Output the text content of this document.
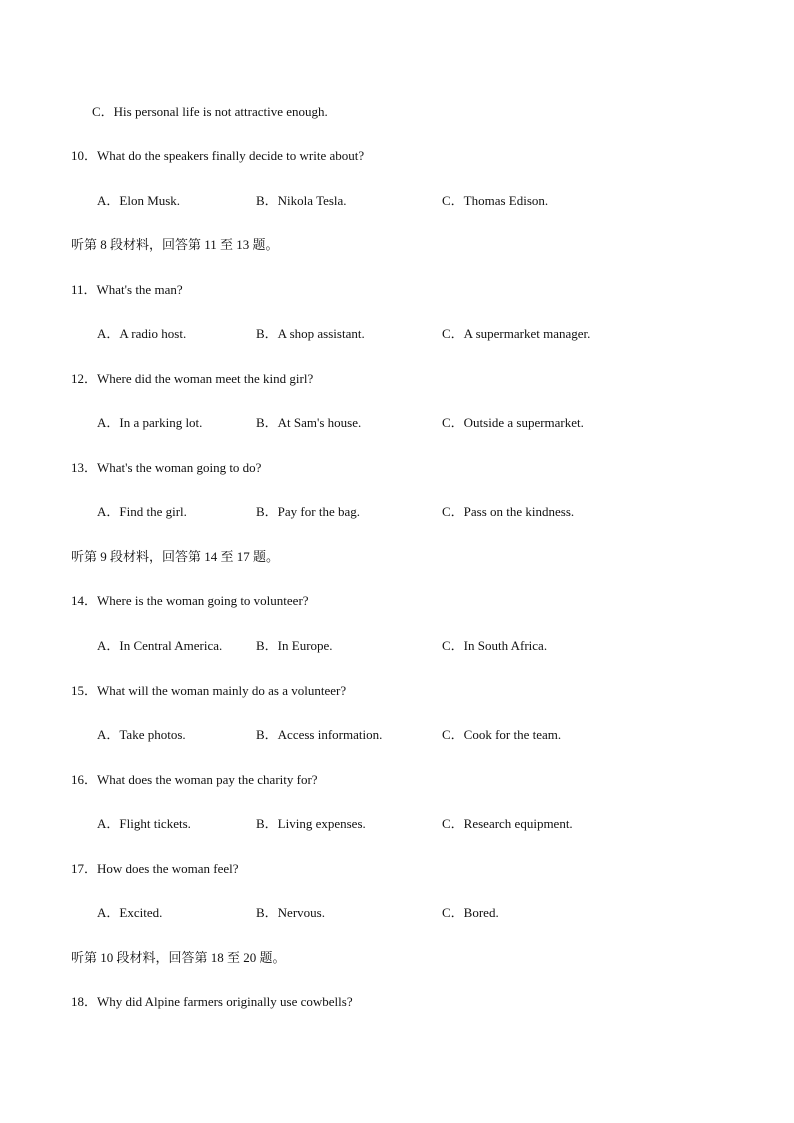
C．His personal life is not attractive enough.
10．What do the speakers finally decide to write about?
A．Elon Musk.	B．Nikola Tesla.	C．Thomas Edison.
听第 8 段材料，回答第 11 至 13 题。
11．What's the man?
A．A radio host.	B．A shop assistant.	C．A supermarket manager.
12．Where did the woman meet the kind girl?
A．In a parking lot.	B．At Sam's house.	C．Outside a supermarket.
13．What's the woman going to do?
A．Find the girl.	B．Pay for the bag.	C．Pass on the kindness.
听第 9 段材料，回答第 14 至 17 题。
14．Where is the woman going to volunteer?
A．In Central America.	B．In Europe.	C．In South Africa.
15．What will the woman mainly do as a volunteer?
A．Take photos.	B．Access information.	C．Cook for the team.
16．What does the woman pay the charity for?
A．Flight tickets.	B．Living expenses.	C．Research equipment.
17．How does the woman feel?
A．Excited.	B．Nervous.	C．Bored.
听第 10 段材料，回答第 18 至 20 题。
18．Why did Alpine farmers originally use cowbells?
